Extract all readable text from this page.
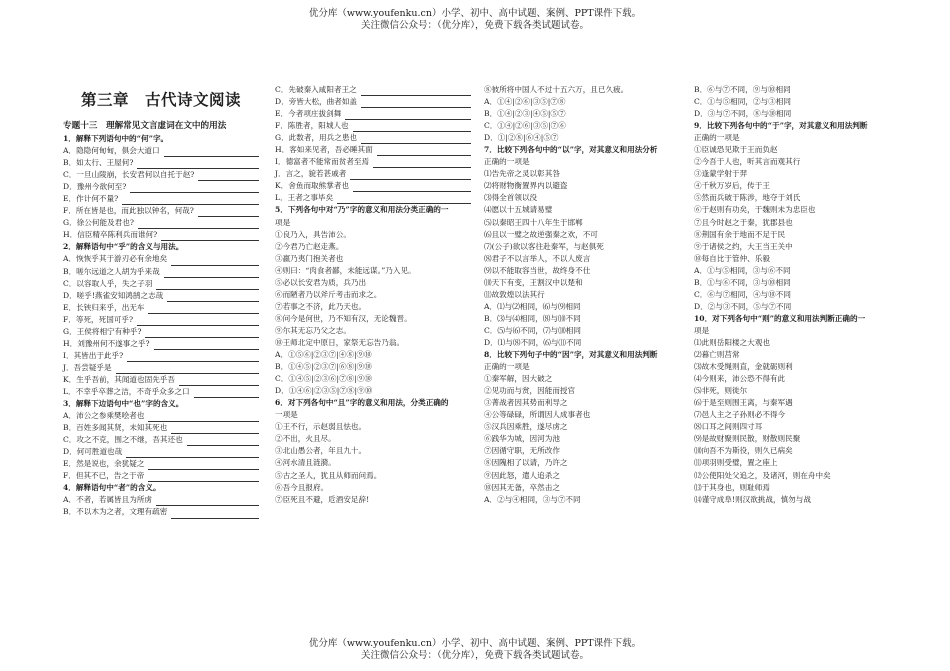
优分库（www.youfenku.cn）小学、初中、高中试题、案例、PPT课件下载。
关注微信公众号：（优分库），免费下载各类试题试卷。
第三章　古代诗文阅读
专题十三　理解常见文言虚词在文中的用法
1．解释下列语句中的“何”字。
A．隐隐何甸甸，俱会大道口
B．如太行、王屋何?
C．一旦山陵崩，长安君何以自托于赵?
D．豫州今欲何至?
E．作计何不量?
F．所在皆是也，而此独以钟名，何哉?
G．徐公何能及君也?
H．信臣精卒陈利兵而谁何?
2．解释语句中“乎”的含义与用法。
A．恢恢乎其于游刃必有余地矣
B．嗟尔远道之人胡为乎来哉
C．以容取人乎，失之子羽
D．嗟乎!燕雀安知鸿鹄之志哉
E．长铗归来乎，出无车
F．等死，死国可乎?
G．王侯将相宁有种乎?
H．刘豫州何不遂事之乎?
I．其皆出于此乎?
J．吾尝疑乎是
K．生乎吾前，其闻道也固先乎吾
L．不幸乎卒葬之洁，不奇乎众多之口
3．解释下边语句中“也”字的含义。
A．沛公之参乘樊哙者也
B．百姓多闻其贤，未知其死也
C．攻之不克，围之不继，吾其还也
D．何可胜道也哉
E．然是说也，余犹疑之
F．但其不已，告之于帝
4．解释语句中“者”的含义。
A．不者，若属皆且为所虏
B．不以木为之者，文理有疏密
C．先破秦入咸阳者王之
D．旁皆大松，曲者如盖
E．今者项庄拔剑舞
F．陈胜者，阳城人也
G．此数者，用兵之患也
H．客如来见者，吾必睡其面
I．德富者不能常而贫者至焉
J．言之，貌若甚戚者
K．舍鱼而取熊掌者也
L．王者之事毕矣
5．下列各句中对“乃”字的意义和用法分类正确的一
项是
①良乃入，具告沛公。
②今君乃亡赵走燕。
③嬴乃夷门抱关者也
④则曰：“肉食者鄙，未能远谋。”乃入见。
⑤必以长安君为质，兵乃出
⑥而陋者乃以斧斤考击而求之。
⑦若事之不济，此乃天也。
⑧问今是何世，乃不知有汉，无论魏晋。
⑨尔其无忘乃父之志。
⑩王师北定中原日，家祭无忘告乃翁。
A．①⑤⑥|②③⑦|④⑧|⑨⑩
B．①④⑤|②③⑦|⑥⑧|⑨⑩
C．①④⑤|②③⑥|⑦⑧|⑨⑩
D．①④⑥|②③⑤|⑦⑧|⑨⑩
6．对下列各句中“且”字的意义和用法，分类正确的
一项是
①王不行，示赵弱且怯也。
②不出，火且尽。
③北山愚公者，年且九十。
④河水清且涟漪。
⑤古之圣人，犹且从师而问焉。
⑥吾今且报府。
⑦臣死且不避，卮酒安足辞!
⑧彼所将中国人不过十五六万，且已久疲。
A．①④|②⑥|③⑤|⑦⑧
B．①④|②③|④⑤|⑤⑦
C．①④|②⑥|③⑤|⑦⑥
D．①|②⑧|⑥④|⑤⑦
7．比较下列各句中的“以”字，对其意义和用法分析
正确的一项是
⑴告先帝之灵以彰其咎
⑵将财物衡置界内以避盗
⑶得全首领以没
⑷愿以十五城请易璧
⑸以秦昭王四十八年生于邯郸
⑹且以一璧之故逆强秦之欢，不可
⑺(公子)欲以客往赴秦军，与赵俱死
⑻君子不以言举人，不以人废言
⑼以不能取容当世，故终身不仕
⑽天下有变，王割汉中以楚和
⑾故敦煌以法其行
A．⑴与⑵相同，⑹与⑼相同
B．⑶与⑷相同，⑻与⑽不同
C．⑸与⑹不同，⑺与⑽相同
D．⑴与⑻不同，⑹与⑾不同
8．比较下列句子中的“因”字，对其意义和用法判断
正确的一项是
①秦军解，因大破之
②见功而与赏，因能而授官
③菁战者因其势而利导之
④公等碌碌，所谓因人成事者也
⑤汉兵因乘胜，遂尽虏之
⑥践华为城，因河为池
⑦因循守职，无所改作
⑧因隗相了以请，乃许之
⑨因此怒，遣人追杀之
⑩因其无备，卒然击之
A．②与④相同，③与⑦不同
B．⑥与⑦不同，⑨与⑩相同
C．①与⑤相同，②与③相同
D．③与⑦不同，⑧与⑩相同
9．比较下列各句中的“于”字，对其意义和用法判断
正确的一项是
①臣诚恐见欺于王而负赵
②今吾于人也，听其言而观其行
③逢蒙学射于羿
④千秋万岁后，传于王
⑤然而兵破于陈涉，地夺于刘氏
⑥于赵则有功矣，于魏则未为忠臣也
⑦且今时赵之于秦，犹郡县也
⑧荆国有余于地而不足于民
⑨于诸侯之约，大王当王关中
⑩每自比于管仲、乐毅
A．①与⑤相同，③与⑥不同
B．①与⑥不同，③与⑩相同
C．⑥与⑦相同，④与⑩不同
D．②与③不同，⑤与⑦不同
10．对下列各句中“则”的意义和用法判断正确的一
项是
⑴此则岳阳楼之大观也
⑵暮亡则莒常
⑶故木受绳则直，金就砺则利
⑷今则来，沛公恐不得有此
⑸非死，则徙尔
⑹于是至则围王离，与秦军遇
⑺邑人主之子孙则必不得今
⑻口耳之间则四寸耳
⑼是故财聚则民散，财散则民聚
⑽向吾不为斯役，则久已病矣
⑾项羽则受璧，置之座上
⑿公使阳处父追之，及诸河，则在舟中矣
⒀于其身也，则耻师焉
⒁谨守成阜!则汉欲挑战，慎勿与战
优分库（www.youfenku.cn）小学、初中、高中试题、案例、PPT课件下载。
关注微信公众号：（优分库），免费下载各类试题试卷。
